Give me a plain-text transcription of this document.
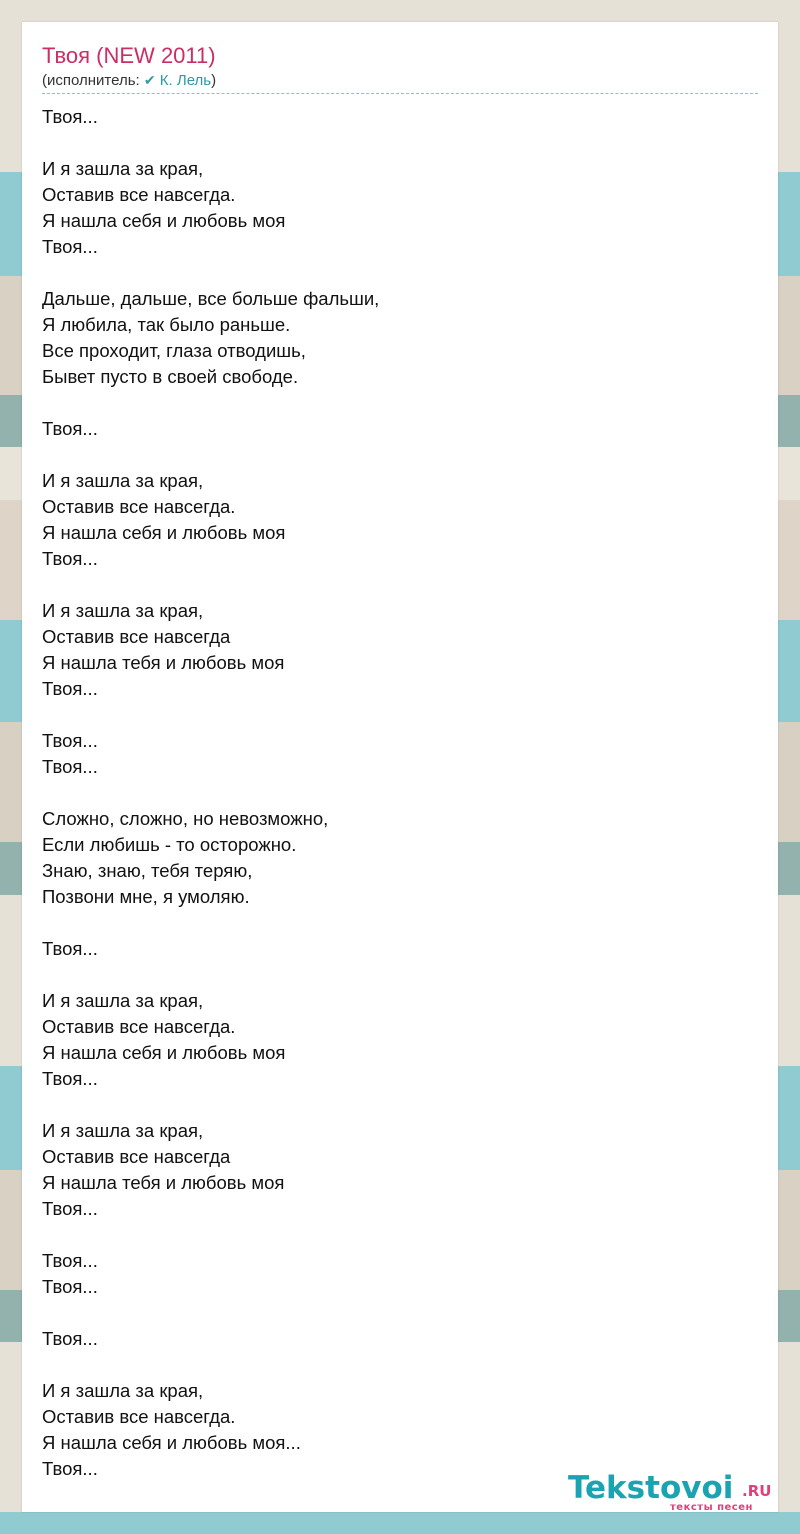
Твоя (NEW 2011)
(исполнитель: ✔ К. Лель)
Твоя...
И я зашла за края,
Оставив все навсегда.
Я нашла себя и любовь моя
Твоя...
Дальше, дальше, все больше фальши,
Я любила, так было раньше.
Все проходит, глаза отводишь,
Бывет пусто в своей свободе.
Твоя...
И я зашла за края,
Оставив все навсегда.
Я нашла себя и любовь моя
Твоя...
И я зашла за края,
Оставив все навсегда
Я нашла тебя и любовь моя
Твоя...
Твоя...
Твоя...
Сложно, сложно, но невозможно,
Если любишь - то осторожно.
Знаю, знаю, тебя теряю,
Позвони мне, я умоляю.
Твоя...
И я зашла за края,
Оставив все навсегда.
Я нашла себя и любовь моя
Твоя...
И я зашла за края,
Оставив все навсегда
Я нашла тебя и любовь моя
Твоя...
Твоя...
Твоя...
Твоя...
И я зашла за края,
Оставив все навсегда.
Я нашла себя и любовь моя...
Твоя...
Tekstovoi .RU
тексты песен
